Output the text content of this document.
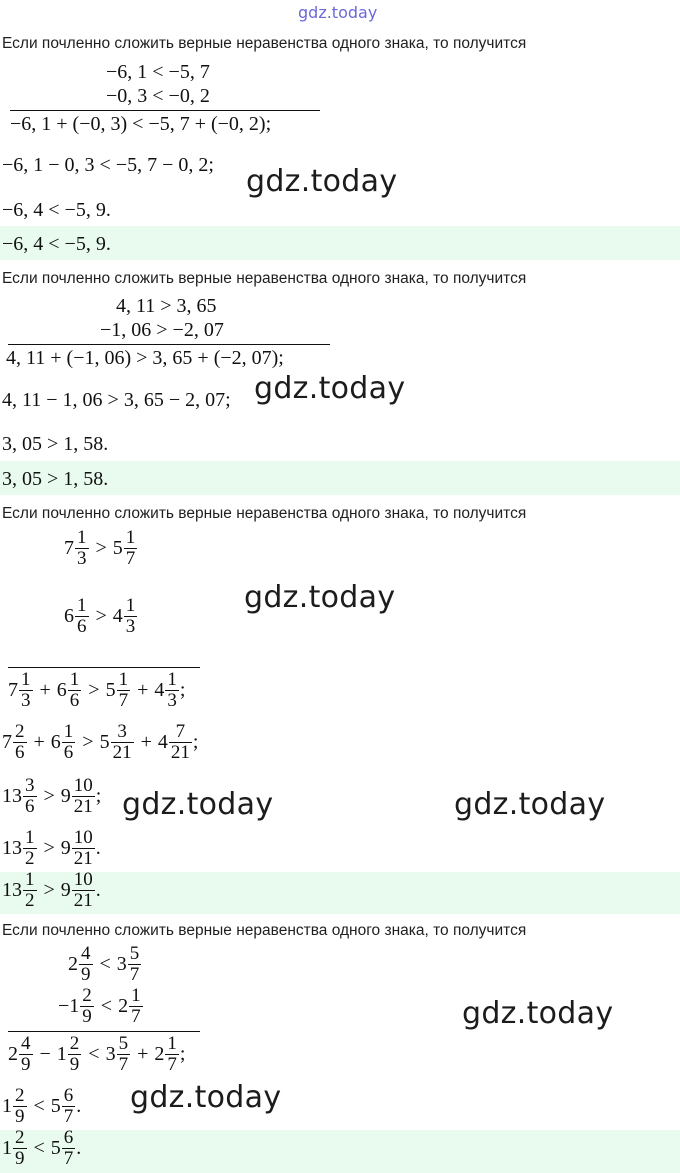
gdz.today
Если почленно сложить верные неравенства одного знака, то получится
−6, 1 < −5, 7
−0, 3 < −0, 2
−6, 1 + (−0, 3) < −5, 7 + (−0, 2);
−6, 1 − 0, 3 < −5, 7 − 0, 2; gdz.today
−6, 4 < −5, 9.
−6, 4 < −5, 9.
Если почленно сложить верные неравенства одного знака, то получится
4, 11 > 3, 65
−1, 06 > −2, 07
4, 11 + (−1, 06) > 3, 65 + (−2, 07);
4, 11 − 1, 06 > 3, 65 − 2, 07; gdz.today
3, 05 > 1, 58.
3, 05 > 1, 58.
Если почленно сложить верные неравенства одного знака, то получится
$7 \frac{1}{3} > 5 \frac{1}{7}$
$6 \frac{1}{6} > 4 \frac{1}{3}$	gdz.today
$7 \frac{1}{3} + 6 \frac{1}{6} > 5 \frac{1}{7} + 4 \frac{1}{3}$ ;
$7 \frac{2}{6} + 6 \frac{1}{6} > 5 \frac{3}{21} + 4 \frac{7}{21}$ ;
$13 \frac{3}{6} > 9 \frac{10}{21}$ ; gdz.today	gdz.today
$13 \frac{1}{2} > 9 \frac{10}{21}$ .
$13 \frac{1}{2} > 9 \frac{10}{21}$ .
Если почленно сложить верные неравенства одного знака, то получится
$2 \frac{4}{9} < 3 \frac{5}{7}$
$-1 \frac{2}{9} < 2 \frac{1}{7}$	gdz.today
$2 \frac{4}{9} - 1 \frac{2}{9} < 3 \frac{5}{7} + 2 \frac{1}{7}$ ;
$1 \frac{2}{9} < 5 \frac{6}{7}$ . gdz.today
$1 \frac{2}{9} < 5 \frac{6}{7}$ .
